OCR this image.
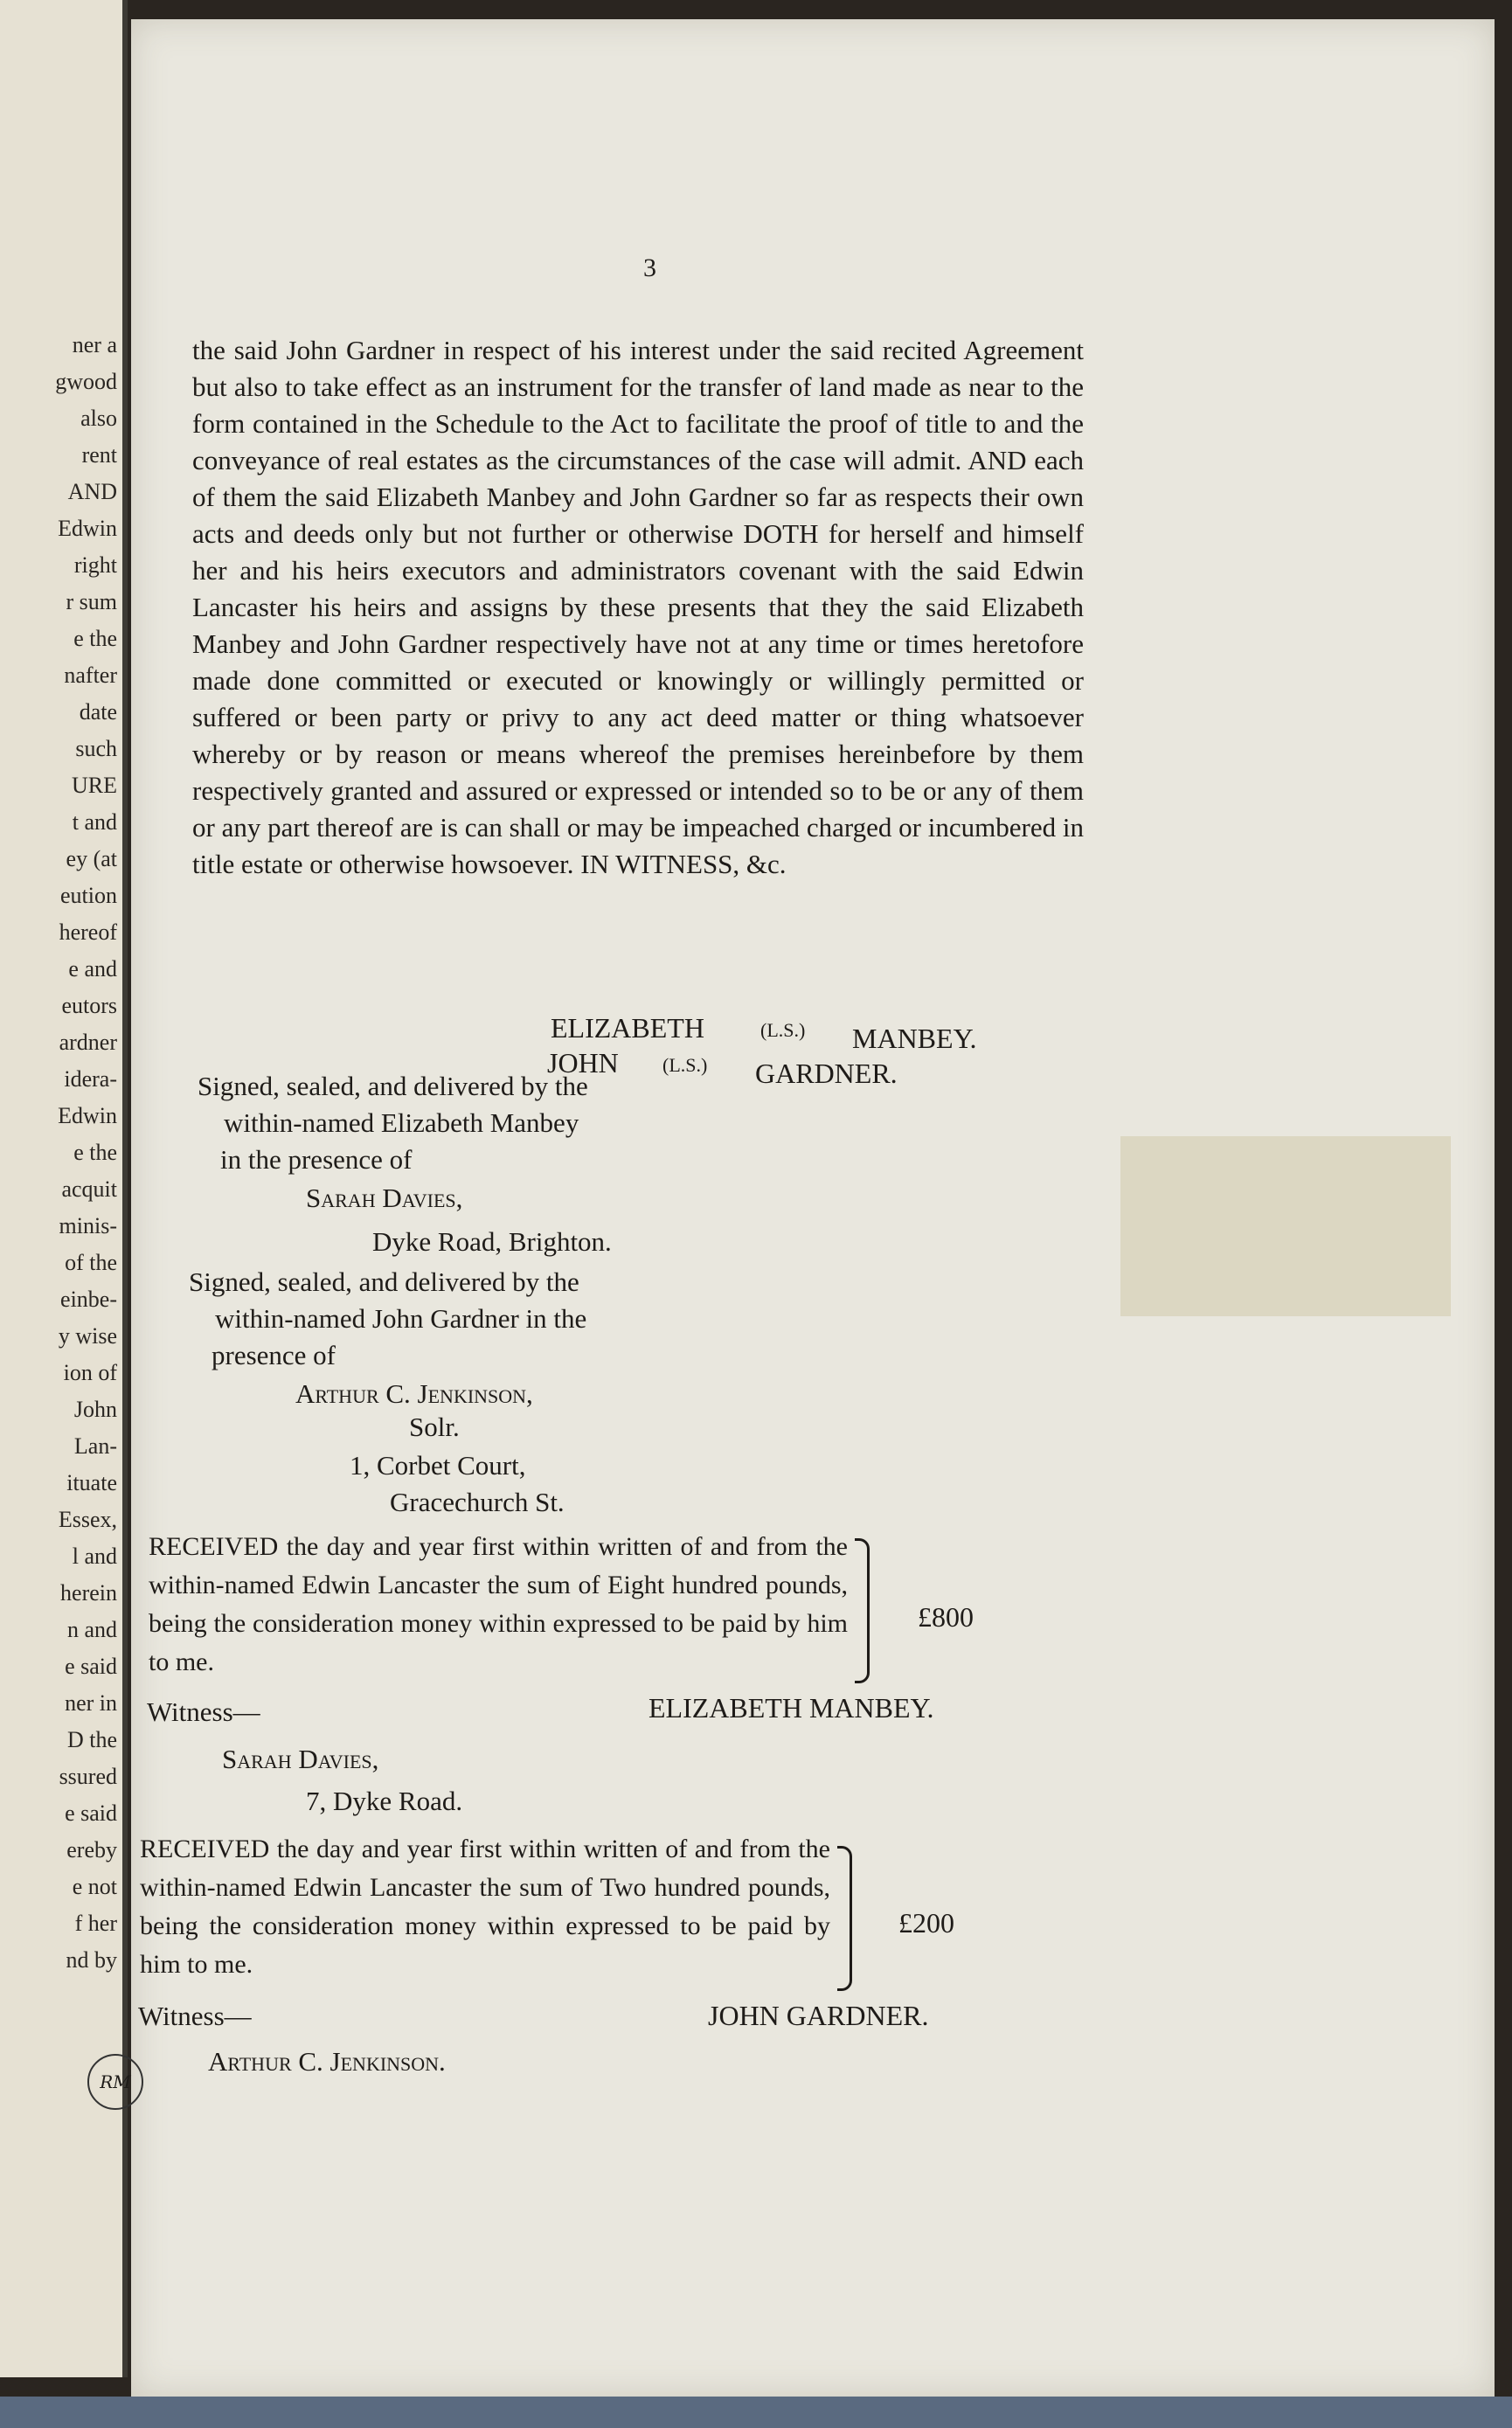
ner a
gwood
also
rent
AND
Edwin
right
r sum
e the
nafter
date
such
URE
t and
ey (at
eution
hereof
e and
eutors
ardner
idera-
Edwin
e the
acquit
minis-
of the
einbe-
y wise
ion of
John
Lan-
ituate
Essex,
l and
herein
n and
e said
ner in
D the
ssured
e said
ereby
e not
f her
nd by
3
the said John Gardner in respect of his interest under the said recited Agreement but also to take effect as an instrument for the transfer of land made as near to the form contained in the Schedule to the Act to facilitate the proof of title to and the conveyance of real estates as the circumstances of the case will admit. AND each of them the said Elizabeth Manbey and John Gardner so far as respects their own acts and deeds only but not further or otherwise DOTH for herself and himself her and his heirs executors and administrators covenant with the said Edwin Lancaster his heirs and assigns by these presents that they the said Elizabeth Manbey and John Gardner respectively have not at any time or times heretofore made done committed or executed or knowingly or willingly permitted or suffered or been party or privy to any act deed matter or thing whatsoever whereby or by reason or means whereof the premises hereinbefore by them respectively granted and assured or expressed or intended so to be or any of them or any part thereof are is can shall or may be impeached charged or incumbered in title estate or otherwise howsoever. IN WITNESS, &c.
ELIZABETH	(L.S.) MANBEY.
JOHN (L.S.) GARDNER.
Signed, sealed, and delivered by the
within-named Elizabeth Manbey
in the presence of
Sarah Davies,
Dyke Road, Brighton.
Signed, sealed, and delivered by the
within-named John Gardner in the
presence of
Arthur C. Jenkinson,
Solr.
1, Corbet Court,
Gracechurch St.
RECEIVED the day and year first within written of and from the within-named Edwin Lancaster the sum of Eight hundred pounds, being the consideration money within expressed to be paid by him to me.
£800
ELIZABETH MANBEY.
Witness—
Sarah Davies,
7, Dyke Road.
RECEIVED the day and year first within written of and from the within-named Edwin Lancaster the sum of Two hundred pounds, being the consideration money within expressed to be paid by him to me.
£200
JOHN GARDNER.
Witness—
Arthur C. Jenkinson.
RM
